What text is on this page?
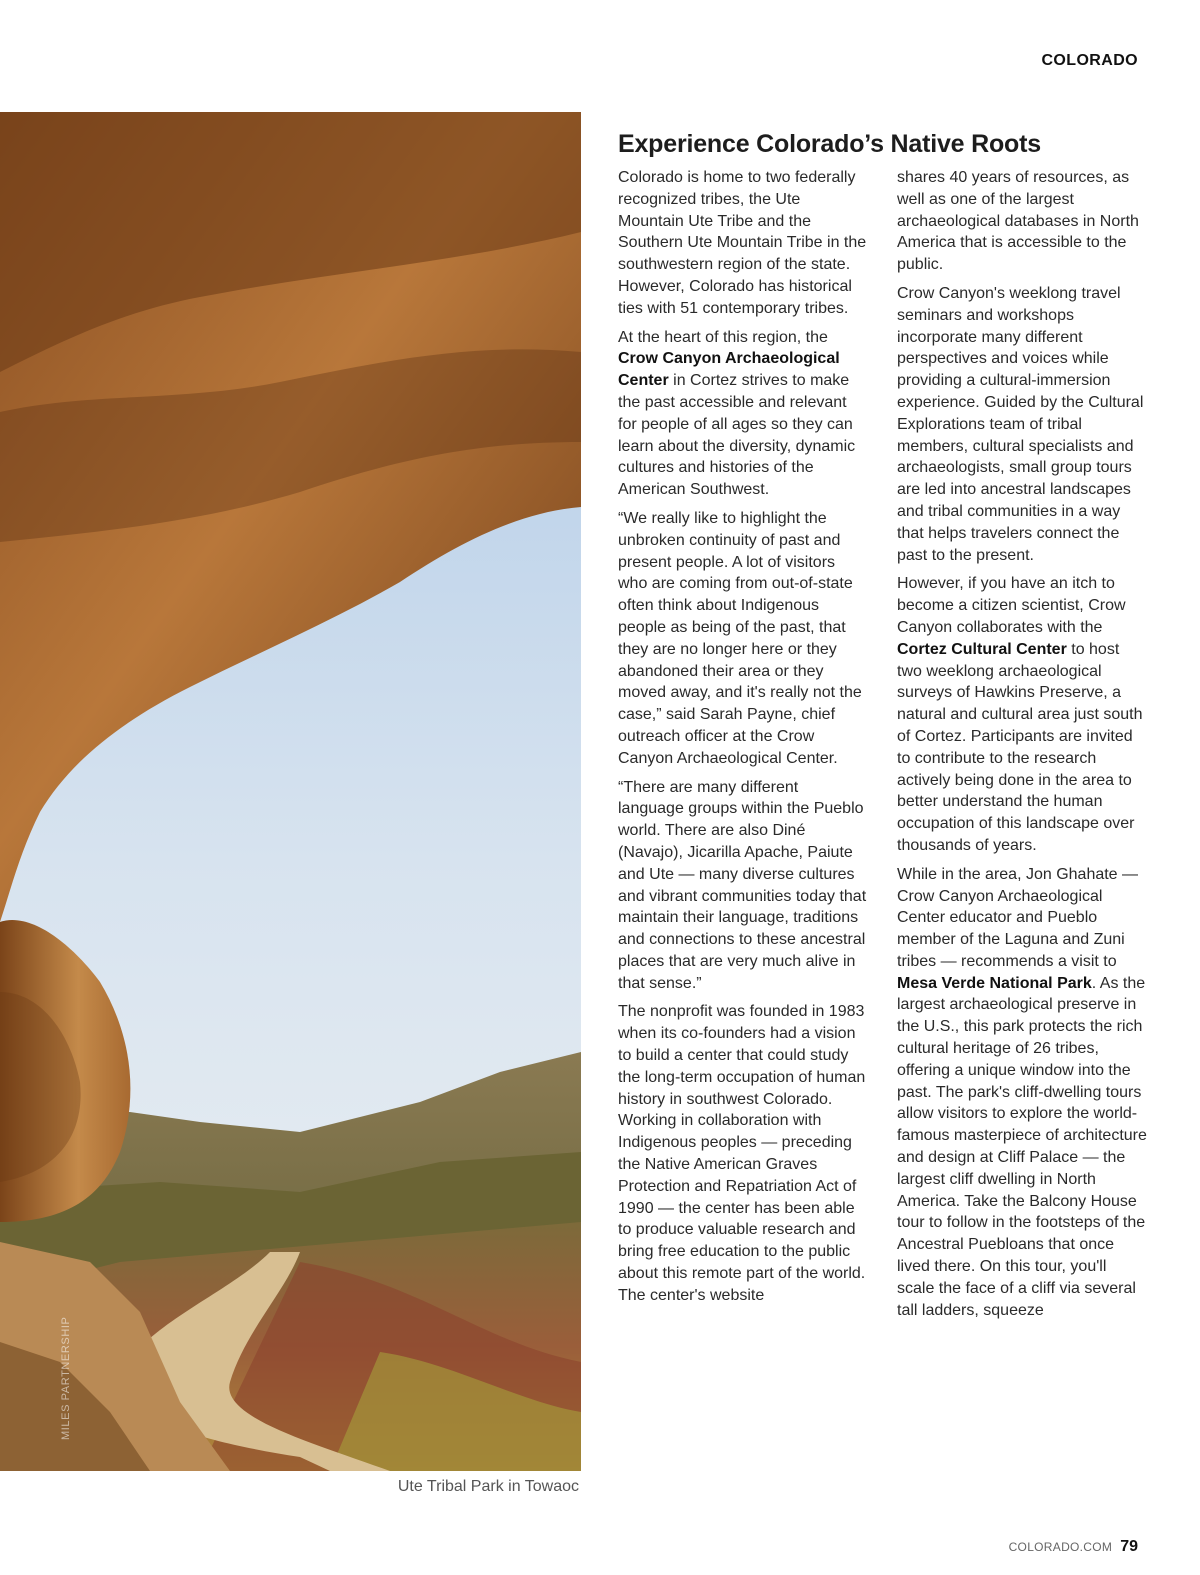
COLORADO
MILES PARTNERSHIP
Ute Tribal Park in Towaoc
Experience Colorado’s Native Roots

Colorado is home to two federally recognized tribes, the Ute Mountain Ute Tribe and the Southern Ute Mountain Tribe in the southwestern region of the state. However, Colorado has historical ties with 51 contemporary tribes.

At the heart of this region, the Crow Canyon Archaeological Center in Cortez strives to make the past accessible and relevant for people of all ages so they can learn about the diversity, dynamic cultures and histories of the American Southwest.

“We really like to highlight the unbroken continuity of past and present people. A lot of visitors who are coming from out-of-state often think about Indigenous people as being of the past, that they are no longer here or they abandoned their area or they moved away, and it's really not the case,” said Sarah Payne, chief outreach officer at the Crow Canyon Archaeological Center.

“There are many different language groups within the Pueblo world. There are also Diné (Navajo), Jicarilla Apache, Paiute and Ute — many diverse cultures and vibrant communities today that maintain their language, traditions and connections to these ancestral places that are very much alive in that sense.”

The nonprofit was founded in 1983 when its co-founders had a vision to build a center that could study the long-term occupation of human history in southwest Colorado. Working in collaboration with Indigenous peoples — preceding the Native American Graves Protection and Repatriation Act of 1990 — the center has been able to produce valuable research and bring free education to the public about this remote part of the world. The center's website

shares 40 years of resources, as well as one of the largest archaeological databases in North America that is accessible to the public.

Crow Canyon's weeklong travel seminars and workshops incorporate many different perspectives and voices while providing a cultural-immersion experience. Guided by the Cultural Explorations team of tribal members, cultural specialists and archaeologists, small group tours are led into ancestral landscapes and tribal communities in a way that helps travelers connect the past to the present.

However, if you have an itch to become a citizen scientist, Crow Canyon collaborates with the Cortez Cultural Center to host two weeklong archaeological surveys of Hawkins Preserve, a natural and cultural area just south of Cortez. Participants are invited to contribute to the research actively being done in the area to better understand the human occupation of this landscape over thousands of years.

While in the area, Jon Ghahate — Crow Canyon Archaeological Center educator and Pueblo member of the Laguna and Zuni tribes — recommends a visit to Mesa Verde National Park. As the largest archaeological preserve in the U.S., this park protects the rich cultural heritage of 26 tribes, offering a unique window into the past. The park's cliff-dwelling tours allow visitors to explore the world-famous masterpiece of architecture and design at Cliff Palace — the largest cliff dwelling in North America. Take the Balcony House tour to follow in the footsteps of the Ancestral Puebloans that once lived there. On this tour, you'll scale the face of a cliff via several tall ladders, squeeze

COLORADO.COM 79
